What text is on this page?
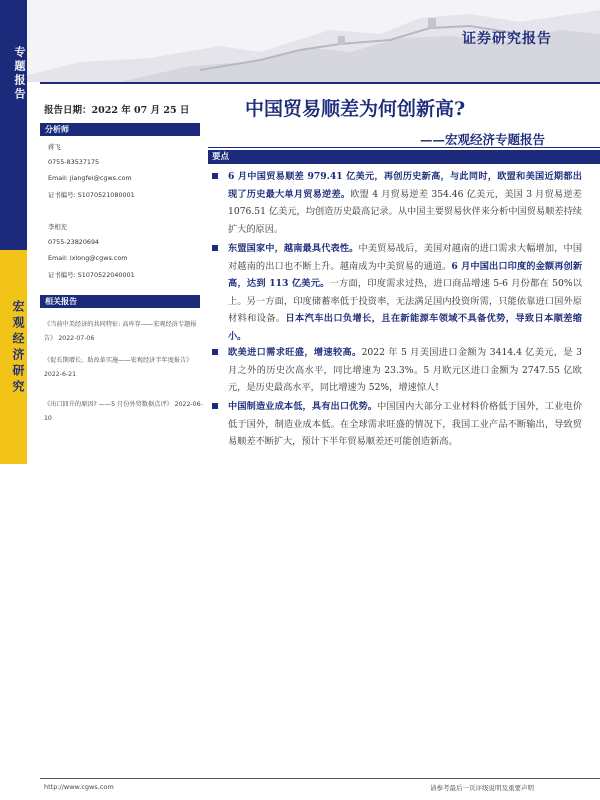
证券研究报告
专题报告
宏观经济研究
报告日期：2022 年 07 月 25 日	中国贸易顺差为何创新高?
——宏观经济专题报告
分析师
蒋飞
0755-83537175
Email: jiangfei@cgws.com
证书编号: S1070521080001
李相充
0755-23820694
Email: lxlong@cgws.com
证书编号: S1070522040001
相关报告
《当前中美经济的共同特征: 高库存——宏观经济专题报告》 2022-07-06
《促长期增长、助改革实施——宏观经济半年度报告》 2022-6-21
《出口回升的原因? ——5 月份外贸数据点评》 2022-06-10
要点
6 月中国贸易顺差 979.41 亿美元，再创历史新高，与此同时，欧盟和美国近期都出现了历史最大单月贸易逆差。欧盟 4 月贸易逆差 354.46 亿美元，美国 3 月贸易逆差 1076.51 亿美元，均创造历史最高记录。从中国主要贸易伙伴来分析中国贸易顺差持续扩大的原因。
东盟国家中，越南最具代表性。中美贸易战后，美国对越南的进口需求大幅增加，中国对越南的出口也不断上升。越南成为中美贸易的通道。6 月中国出口印度的金额再创新高，达到 113 亿美元。一方面，印度需求过热，进口商品增速 5-6 月份都在 50%以上。另一方面，印度储蓄率低于投资率，无法满足国内投资所需，只能依靠进口国外原材料和设备。日本汽车出口负增长，且在新能源车领域不具备优势，导致日本顺差缩小。
欧美进口需求旺盛，增速较高。2022 年 5 月美国进口金额为 3414.4 亿美元，是 3 月之外的历史次高水平，同比增速为 23.3%。5 月欧元区进口金额为 2747.55 亿欧元，是历史最高水平，同比增速为 52%，增速惊人!
中国制造业成本低，具有出口优势。中国国内大部分工业材料价格低于国外，工业电价低于国外，制造业成本低。在全球需求旺盛的情况下，我国工业产品不断输出，导致贸易顺差不断扩大，预计下半年贸易顺差还可能创造新高。
http://www.cgws.com	请参考最后一页评级说明及重要声明
